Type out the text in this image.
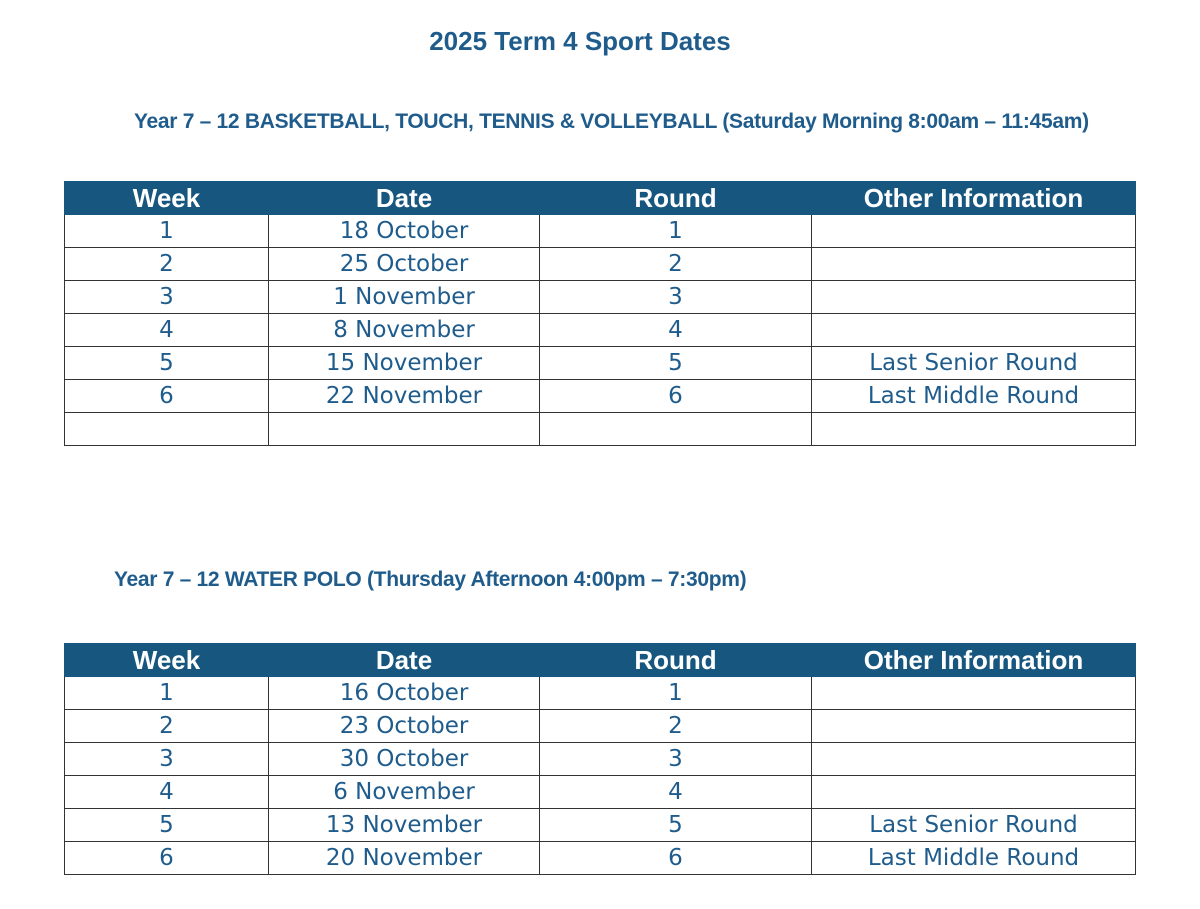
2025 Term 4 Sport Dates
Year 7 – 12 BASKETBALL, TOUCH, TENNIS & VOLLEYBALL (Saturday Morning 8:00am – 11:45am)
Week	Date	Round	Other Information
1	18 October	1	
2	25 October	2	
3	1 November	3	
4	8 November	4	
5	15 November	5	Last Senior Round
6	22 November	6	Last Middle Round

Year 7 – 12 WATER POLO (Thursday Afternoon 4:00pm – 7:30pm)
Week	Date	Round	Other Information
1	16 October	1	
2	23 October	2	
3	30 October	3	
4	6 November	4	
5	13 November	5	Last Senior Round
6	20 November	6	Last Middle Round
